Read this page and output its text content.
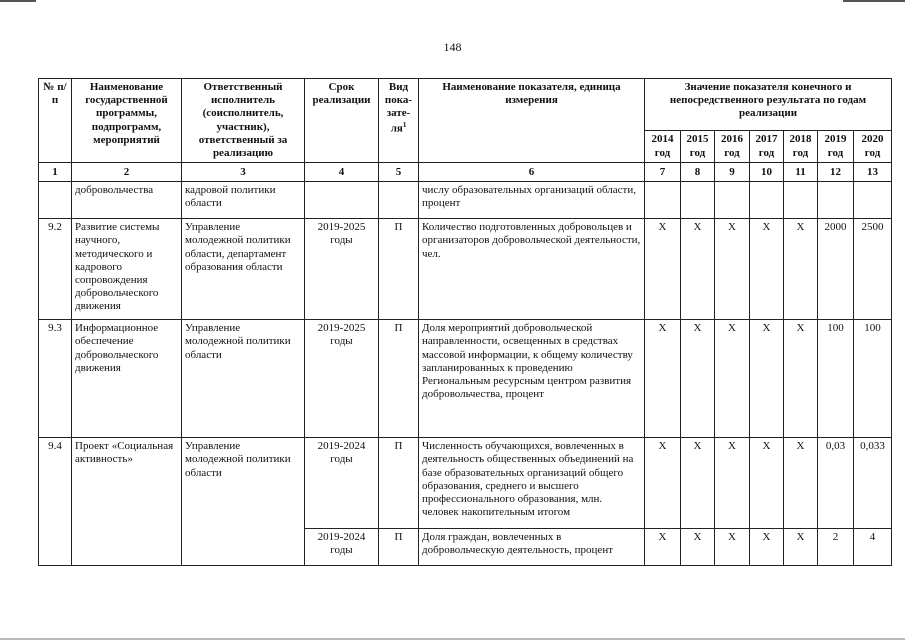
148
№ п/п	Наименование государственной программы, подпрограмм, мероприятий	Ответственный исполнитель (соисполнитель, участник), ответственный за реализацию	Срок реализации	Вид пока-$зате-ля^1$	Наименование показателя, единица измерения	Значение показателя конечного и непосредственного результата по годам реализации						
						2014 год	2015 год	2016 год	2017 год	2018 год	2019 год	2020 год
1	2	3	4	5	6	7	8	9	10	11	12	13
	добровольчества	кадровой политики области			числу образовательных организаций области, процент							
9.2	Развитие системы научного, методического и кадрового сопровождения добровольческого движения	Управление молодежной политики области, департамент образования области	2019-2025 годы	П	Количество подготовленных добровольцев и организаторов добровольческой деятельности, чел.	X	X	X	X	X	2000	2500
9.3	Информационное обеспечение добровольческого движения	Управление молодежной политики области	2019-2025 годы	П	Доля мероприятий добровольческой направленности, освещенных в средствах массовой информации, к общему количеству запланированных к проведению Региональным ресурсным центром развития добровольчества, процент	X	X	X	X	X	100	100
9.4	Проект «Социальная активность»	Управление молодежной политики области	2019-2024 годы	П	Численность обучающихся, вовлеченных в деятельность общественных объединений на базе образовательных организаций общего образования, среднего и высшего профессионального образования, млн. человек накопительным итогом	X	X	X	X	X	0,03	0,033
			2019-2024 годы	П	Доля граждан, вовлеченных в добровольческую деятельность, процент	X	X	X	X	X	2	4
